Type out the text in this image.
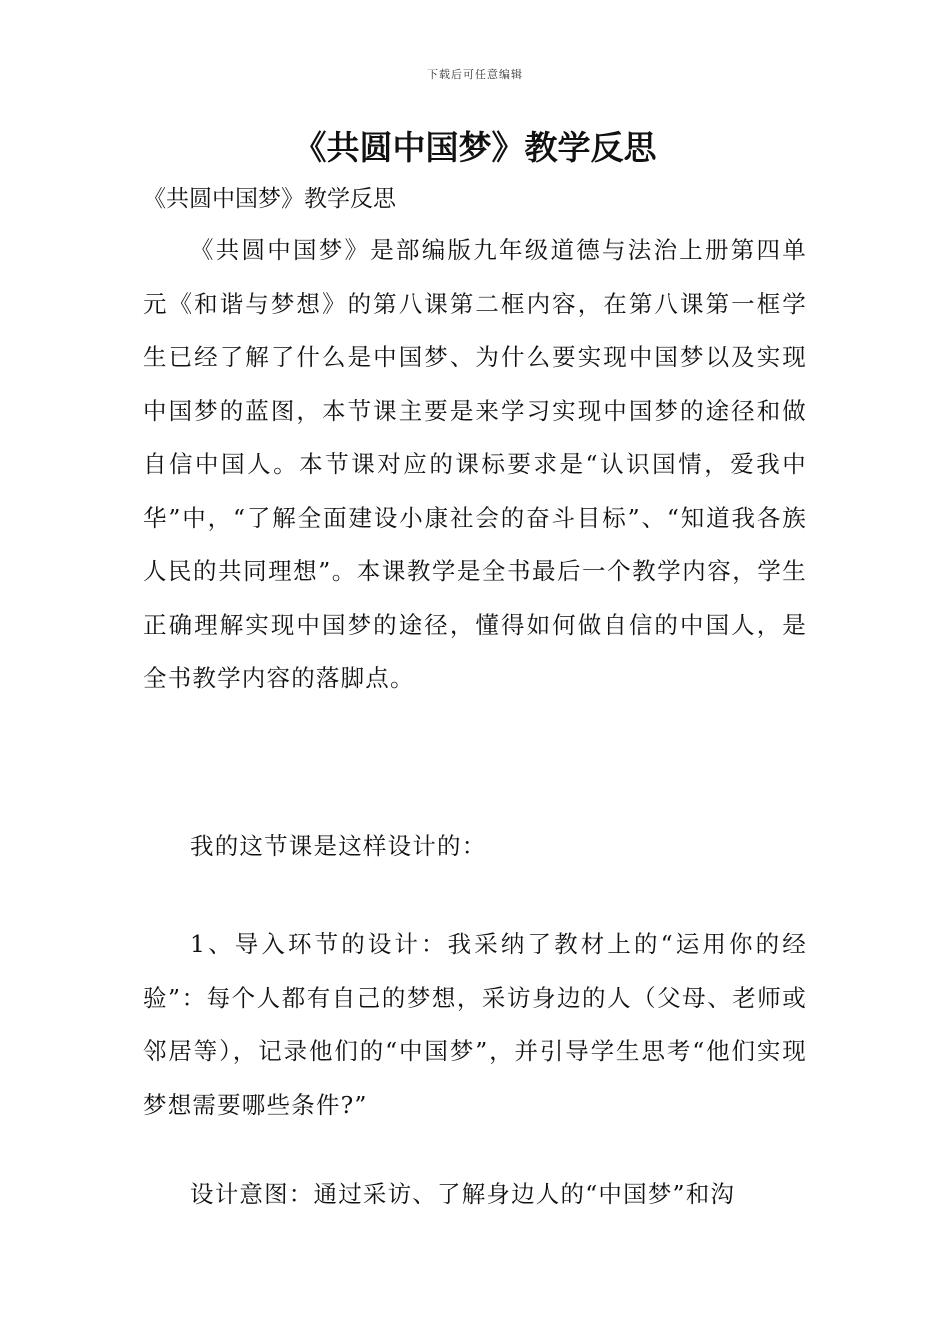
下载后可任意编辑
《共圆中国梦》教学反思
《共圆中国梦》教学反思

《共圆中国梦》是部编版九年级道德与法治上册第四单元《和谐与梦想》的第八课第二框内容，在第八课第一框学生已经了解了什么是中国梦、为什么要实现中国梦以及实现中国梦的蓝图，本节课主要是来学习实现中国梦的途径和做自信中国人。本节课对应的课标要求是“认识国情，爱我中华”中，“了解全面建设小康社会的奋斗目标”、“知道我各族人民的共同理想”。本课教学是全书最后一个教学内容，学生正确理解实现中国梦的途径，懂得如何做自信的中国人，是全书教学内容的落脚点。

我的这节课是这样设计的：

1、导入环节的设计：我采纳了教材上的“运用你的经验”：每个人都有自己的梦想，采访身边的人（父母、老师或邻居等），记录他们的“中国梦”，并引导学生思考“他们实现梦想需要哪些条件?”

设计意图：通过采访、了解身边人的“中国梦”和沟
